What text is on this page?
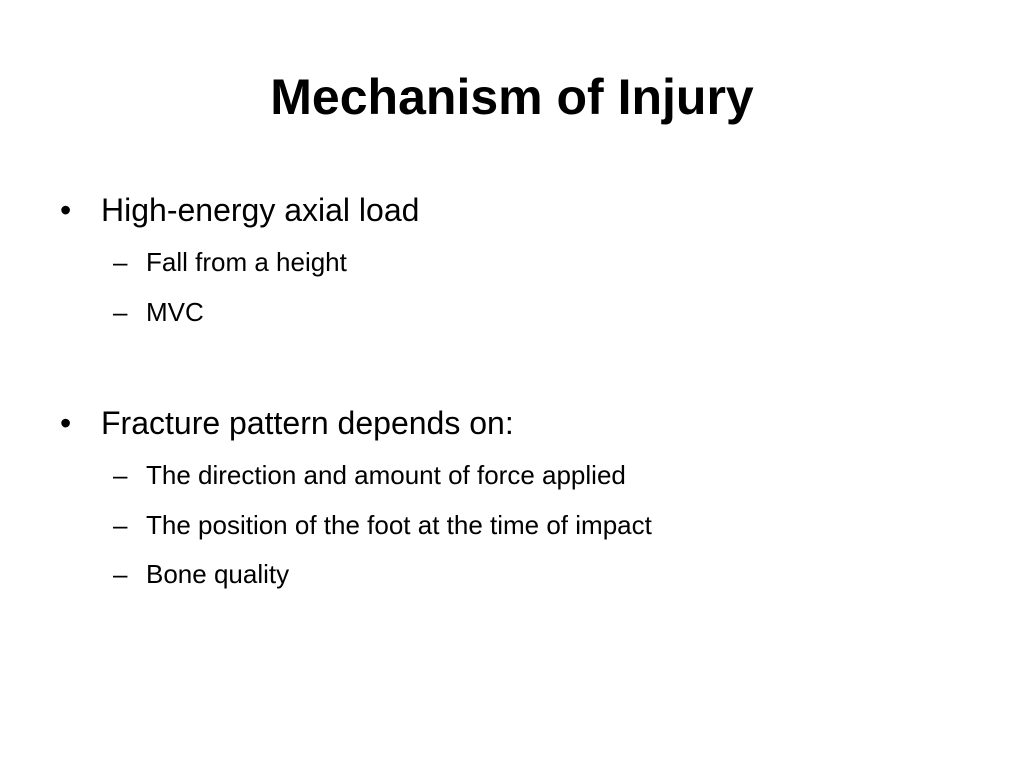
Mechanism of Injury
• High-energy axial load
– Fall from a height
– MVC
• Fracture pattern depends on:
– The direction and amount of force applied
– The position of the foot at the time of impact
– Bone quality
